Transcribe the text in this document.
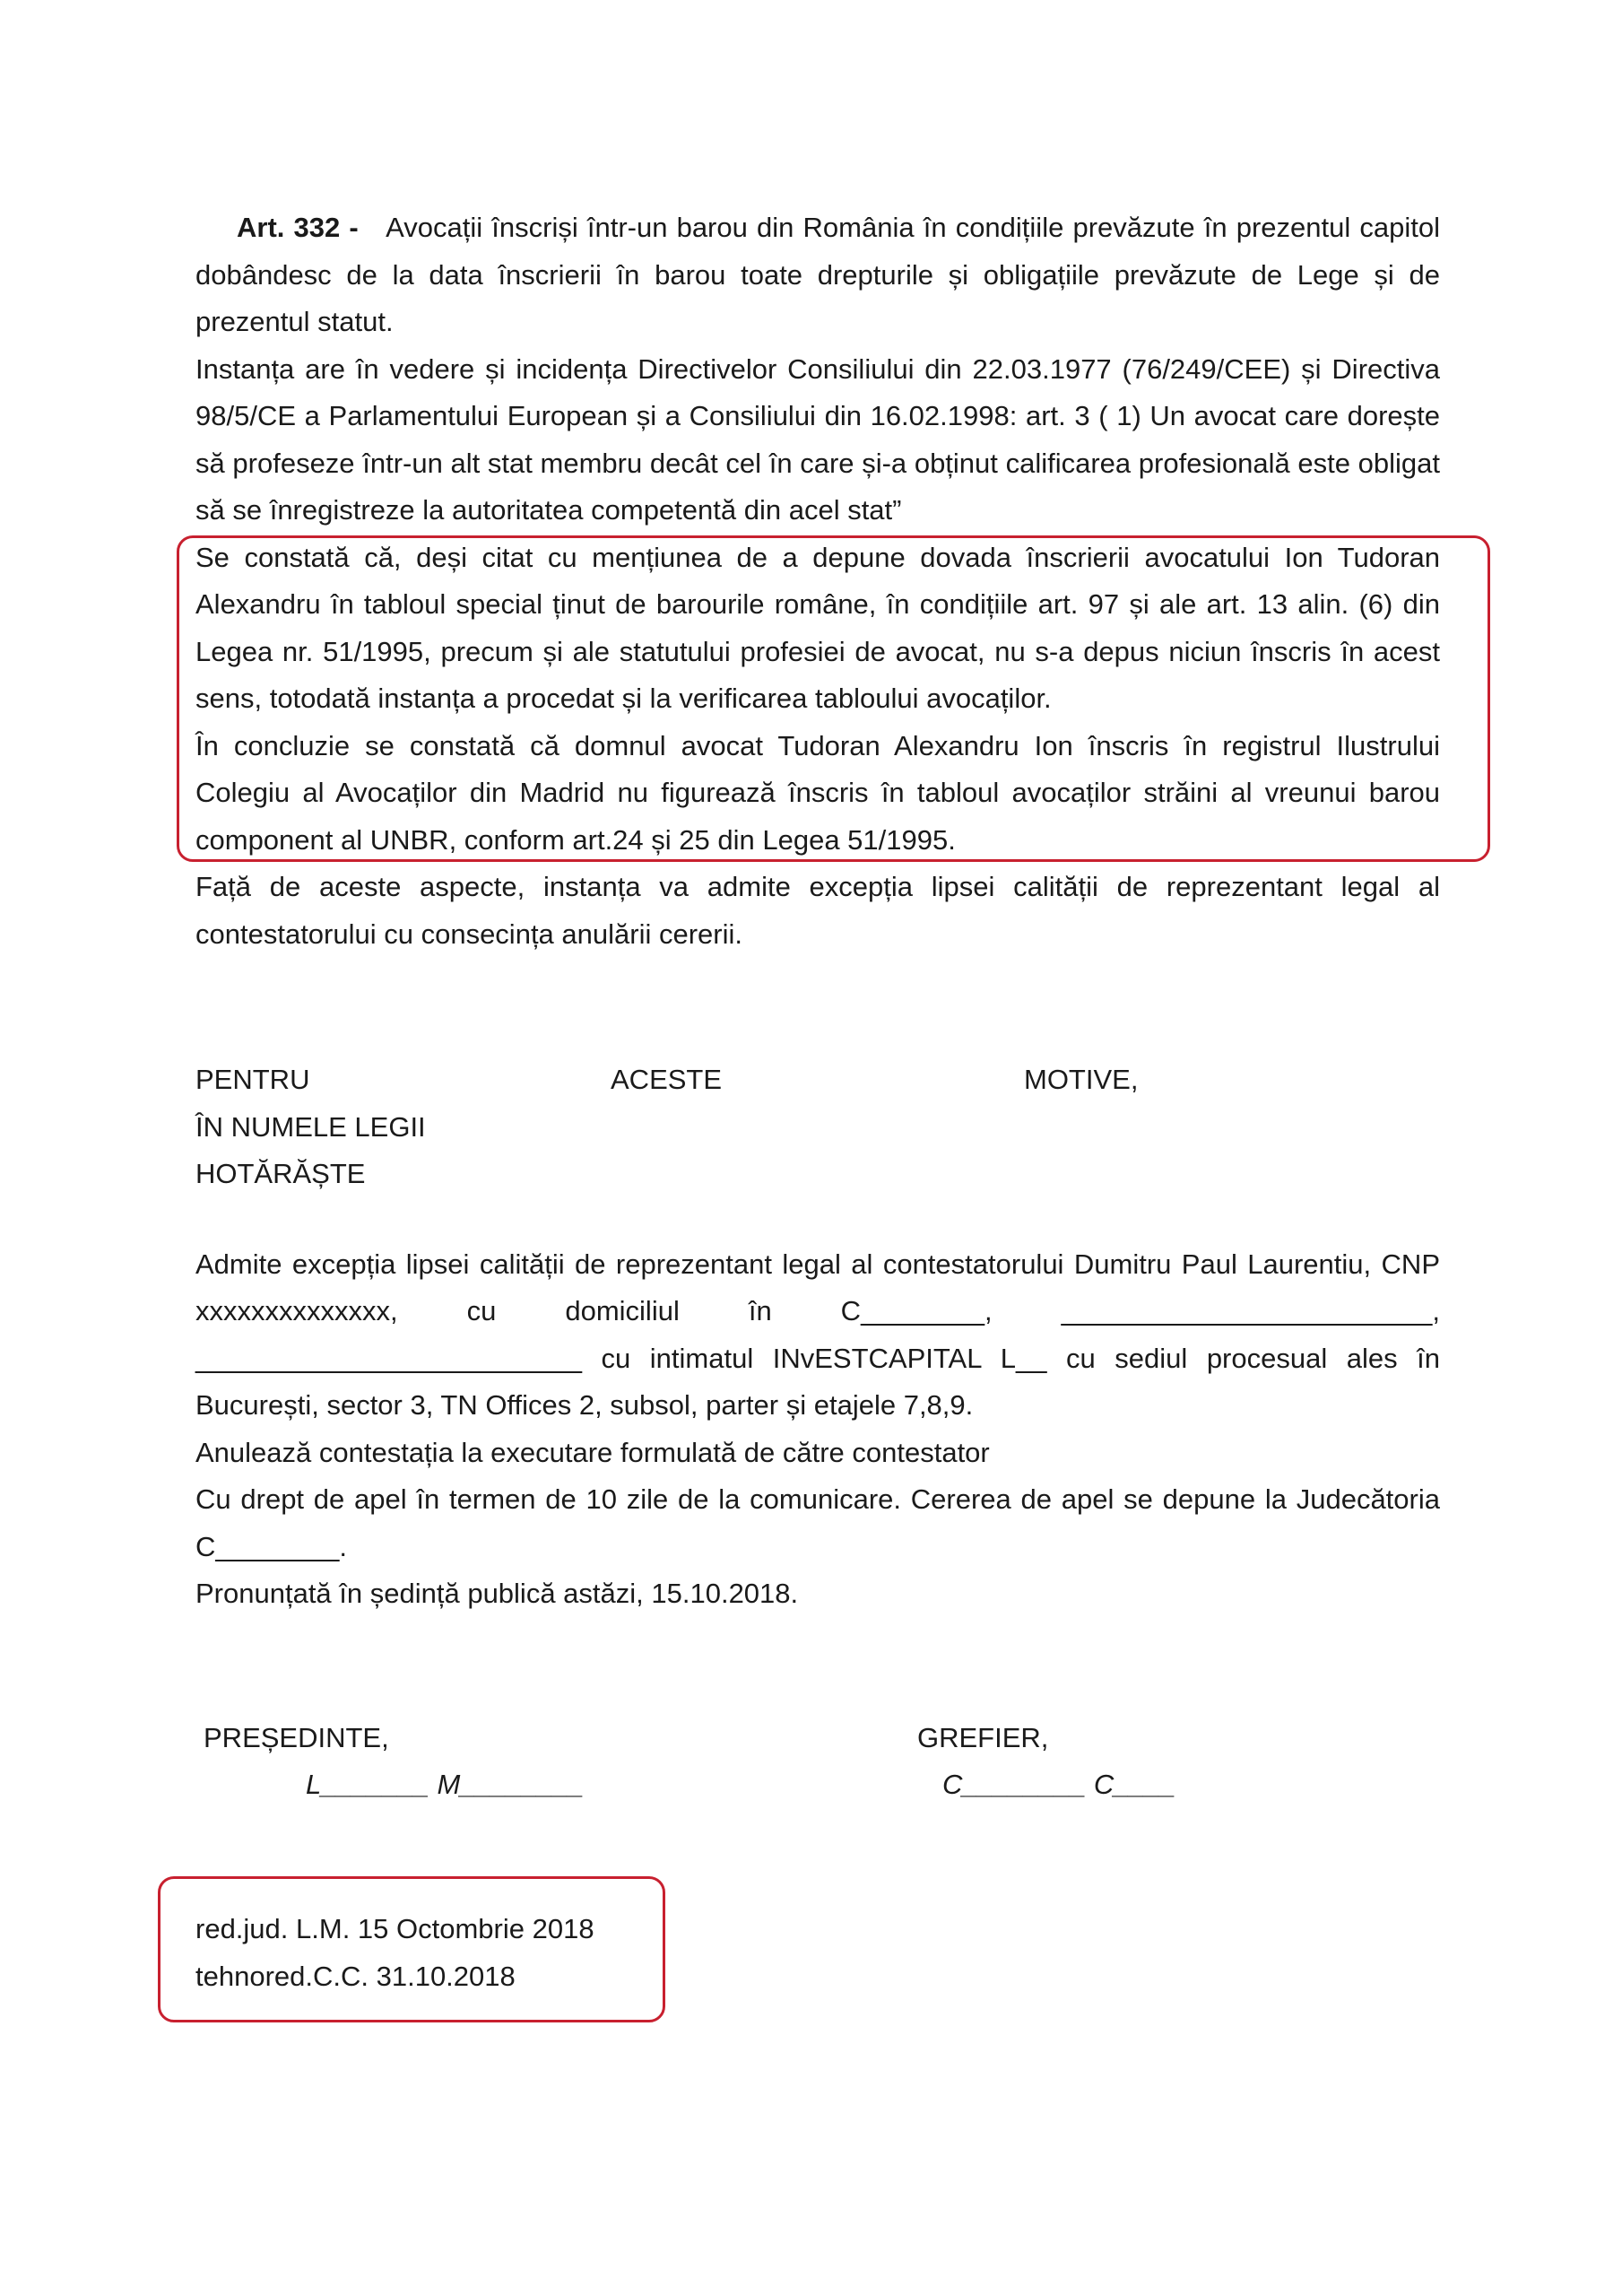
Art. 332 - Avocații înscriși într-un barou din România în condițiile prevăzute în prezentul capitol dobândesc de la data înscrierii în barou toate drepturile și obligațiile prevăzute de Lege și de prezentul statut.

Instanța are în vedere și incidența Directivelor Consiliului din 22.03.1977 (76/249/CEE) și Directiva 98/5/CE a Parlamentului European și a Consiliului din 16.02.1998: art. 3 ( 1) Un avocat care dorește să profeseze într-un alt stat membru decât cel în care și-a obținut calificarea profesională este obligat să se înregistreze la autoritatea competentă din acel stat”

Se constată că, deși citat cu mențiunea de a depune dovada înscrierii avocatului Ion Tudoran Alexandru în tabloul special ținut de barourile române, în condițiile art. 97 și ale art. 13 alin. (6) din Legea nr. 51/1995, precum și ale statutului profesiei de avocat, nu s-a depus niciun înscris în acest sens, totodată instanța a procedat și la verificarea tabloului avocaților.

În concluzie se constată că domnul avocat Tudoran Alexandru Ion înscris în registrul Ilustrului Colegiu al Avocaților din Madrid nu figurează înscris în tabloul avocaților străini al vreunui barou component al UNBR, conform art.24 și 25 din Legea 51/1995.

Față de aceste aspecte, instanța va admite excepția lipsei calității de reprezentant legal al contestatorului cu consecința anulării cererii.

PENTRU	ACESTE	MOTIVE,

ÎN NUMELE LEGII

HOTĂRĂȘTE

Admite excepția lipsei calității de reprezentant legal al contestatorului Dumitru Paul Laurentiu, CNP xxxxxxxxxxxxxx, cu domiciliul în C________, ________________________, _________________________ cu intimatul INvESTCAPITAL L__ cu sediul procesual ales în București, sector 3, TN Offices 2, subsol, parter și etajele 7,8,9.

Anulează contestația la executare formulată de către contestator

Cu drept de apel în termen de 10 zile de la comunicare. Cererea de apel se depune la Judecătoria C________.

Pronunțată în ședință publică astăzi, 15.10.2018.

PREȘEDINTE,
L_______ M________
GREFIER,
C________ C____
red.jud. L.M. 15 Octombrie 2018
tehnored.C.C. 31.10.2018
